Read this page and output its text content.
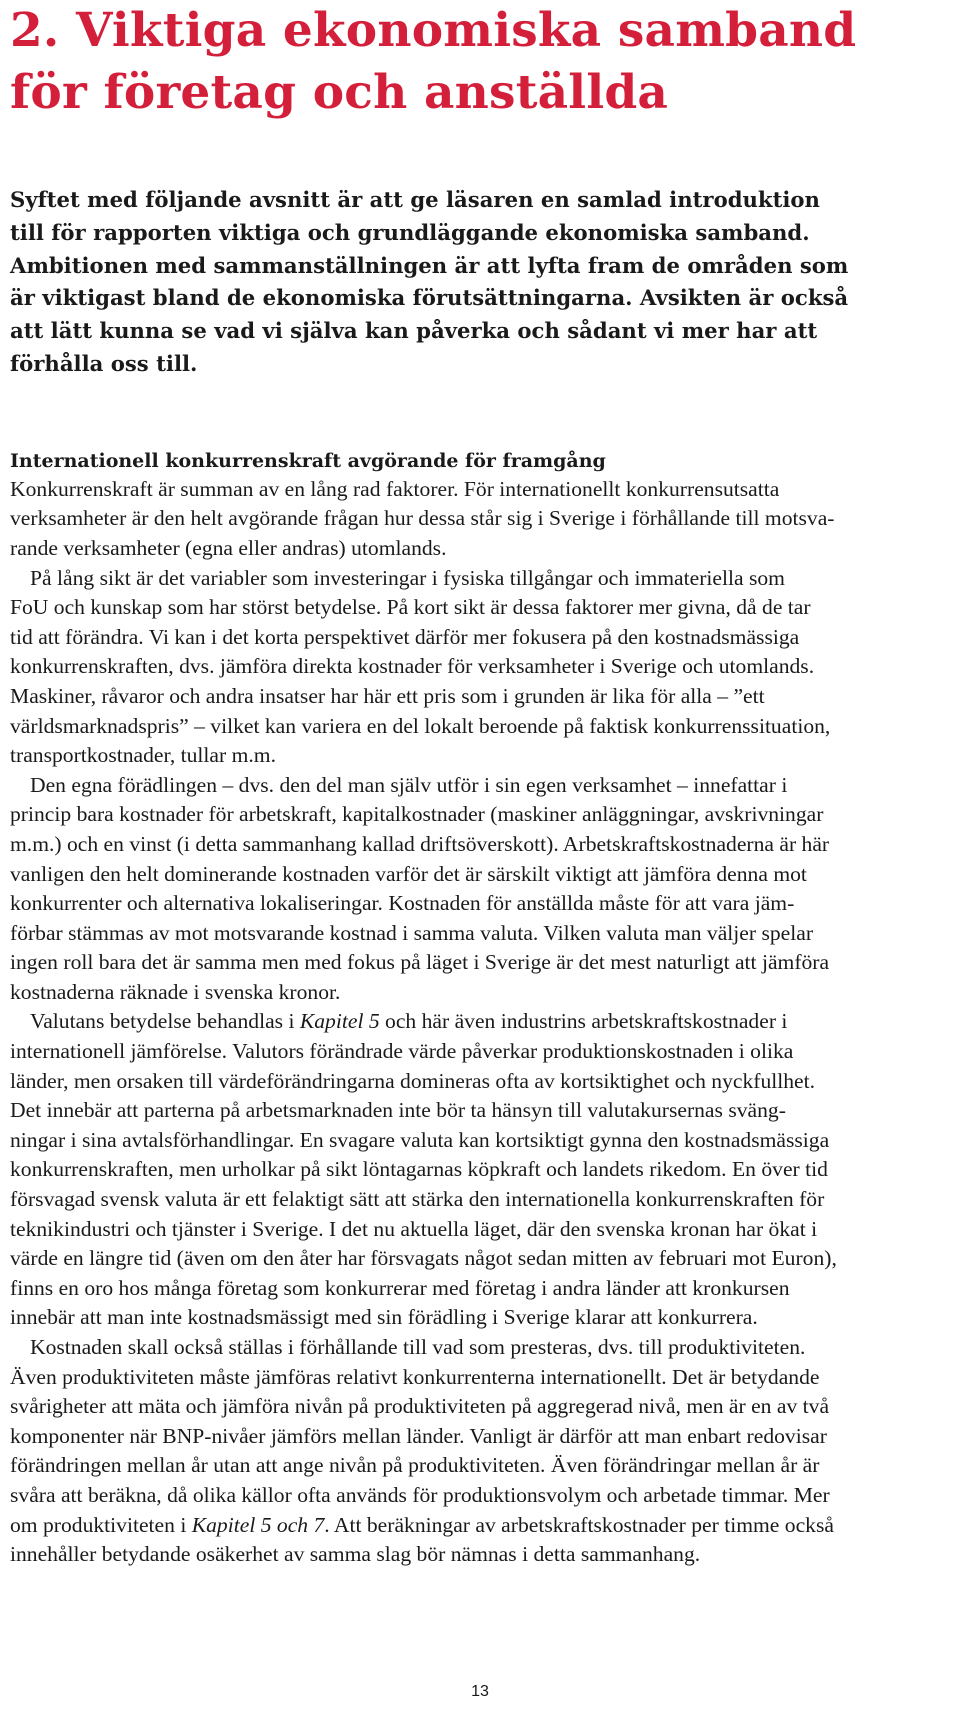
2. Viktiga ekonomiska samband
för företag och anställda
Syftet med följande avsnitt är att ge läsaren en samlad introduktion
till för rapporten viktiga och grundläggande ekonomiska samband.
Ambitionen med sammanställningen är att lyfta fram de områden som
är viktigast bland de ekonomiska förutsättningarna. Avsikten är också
att lätt kunna se vad vi själva kan påverka och sådant vi mer har att
förhålla oss till.
Internationell konkurrenskraft avgörande för framgång
Konkurrenskraft är summan av en lång rad faktorer. För internationellt konkurrensutsatta
verksamheter är den helt avgörande frågan hur dessa står sig i Sverige i förhållande till motsva-
rande verksamheter (egna eller andras) utomlands.
På lång sikt är det variabler som investeringar i fysiska tillgångar och immateriella som
FoU och kunskap som har störst betydelse. På kort sikt är dessa faktorer mer givna, då de tar
tid att förändra. Vi kan i det korta perspektivet därför mer fokusera på den kostnadsmässiga
konkurrenskraften, dvs. jämföra direkta kostnader för verksamheter i Sverige och utomlands.
Maskiner, råvaror och andra insatser har här ett pris som i grunden är lika för alla – ”ett
världsmarknadspris” – vilket kan variera en del lokalt beroende på faktisk konkurrenssituation,
transportkostnader, tullar m.m.
Den egna förädlingen – dvs. den del man själv utför i sin egen verksamhet – innefattar i
princip bara kostnader för arbetskraft, kapitalkostnader (maskiner anläggningar, avskrivningar
m.m.) och en vinst (i detta sammanhang kallad driftsöverskott). Arbetskraftskostnaderna är här
vanligen den helt dominerande kostnaden varför det är särskilt viktigt att jämföra denna mot
konkurrenter och alternativa lokaliseringar. Kostnaden för anställda måste för att vara jäm-
förbar stämmas av mot motsvarande kostnad i samma valuta. Vilken valuta man väljer spelar
ingen roll bara det är samma men med fokus på läget i Sverige är det mest naturligt att jämföra
kostnaderna räknade i svenska kronor.
Valutans betydelse behandlas i Kapitel 5 och här även industrins arbetskraftskostnader i
internationell jämförelse. Valutors förändrade värde påverkar produktionskostnaden i olika
länder, men orsaken till värdeförändringarna domineras ofta av kortsiktighet och nyckfullhet.
Det innebär att parterna på arbetsmarknaden inte bör ta hänsyn till valutakursernas sväng-
ningar i sina avtalsförhandlingar. En svagare valuta kan kortsiktigt gynna den kostnadsmässiga
konkurrenskraften, men urholkar på sikt löntagarnas köpkraft och landets rikedom. En över tid
försvagad svensk valuta är ett felaktigt sätt att stärka den internationella konkurrenskraften för
teknikindustri och tjänster i Sverige. I det nu aktuella läget, där den svenska kronan har ökat i
värde en längre tid (även om den åter har försvagats något sedan mitten av februari mot Euron),
finns en oro hos många företag som konkurrerar med företag i andra länder att kronkursen
innebär att man inte kostnadsmässigt med sin förädling i Sverige klarar att konkurrera.
Kostnaden skall också ställas i förhållande till vad som presteras, dvs. till produktiviteten.
Även produktiviteten måste jämföras relativt konkurrenterna internationellt. Det är betydande
svårigheter att mäta och jämföra nivån på produktiviteten på aggregerad nivå, men är en av två
komponenter när BNP-nivåer jämförs mellan länder. Vanligt är därför att man enbart redovisar
förändringen mellan år utan att ange nivån på produktiviteten. Även förändringar mellan år är
svåra att beräkna, då olika källor ofta används för produktionsvolym och arbetade timmar. Mer
om produktiviteten i Kapitel 5 och 7. Att beräkningar av arbetskraftskostnader per timme också
innehåller betydande osäkerhet av samma slag bör nämnas i detta sammanhang.
13
